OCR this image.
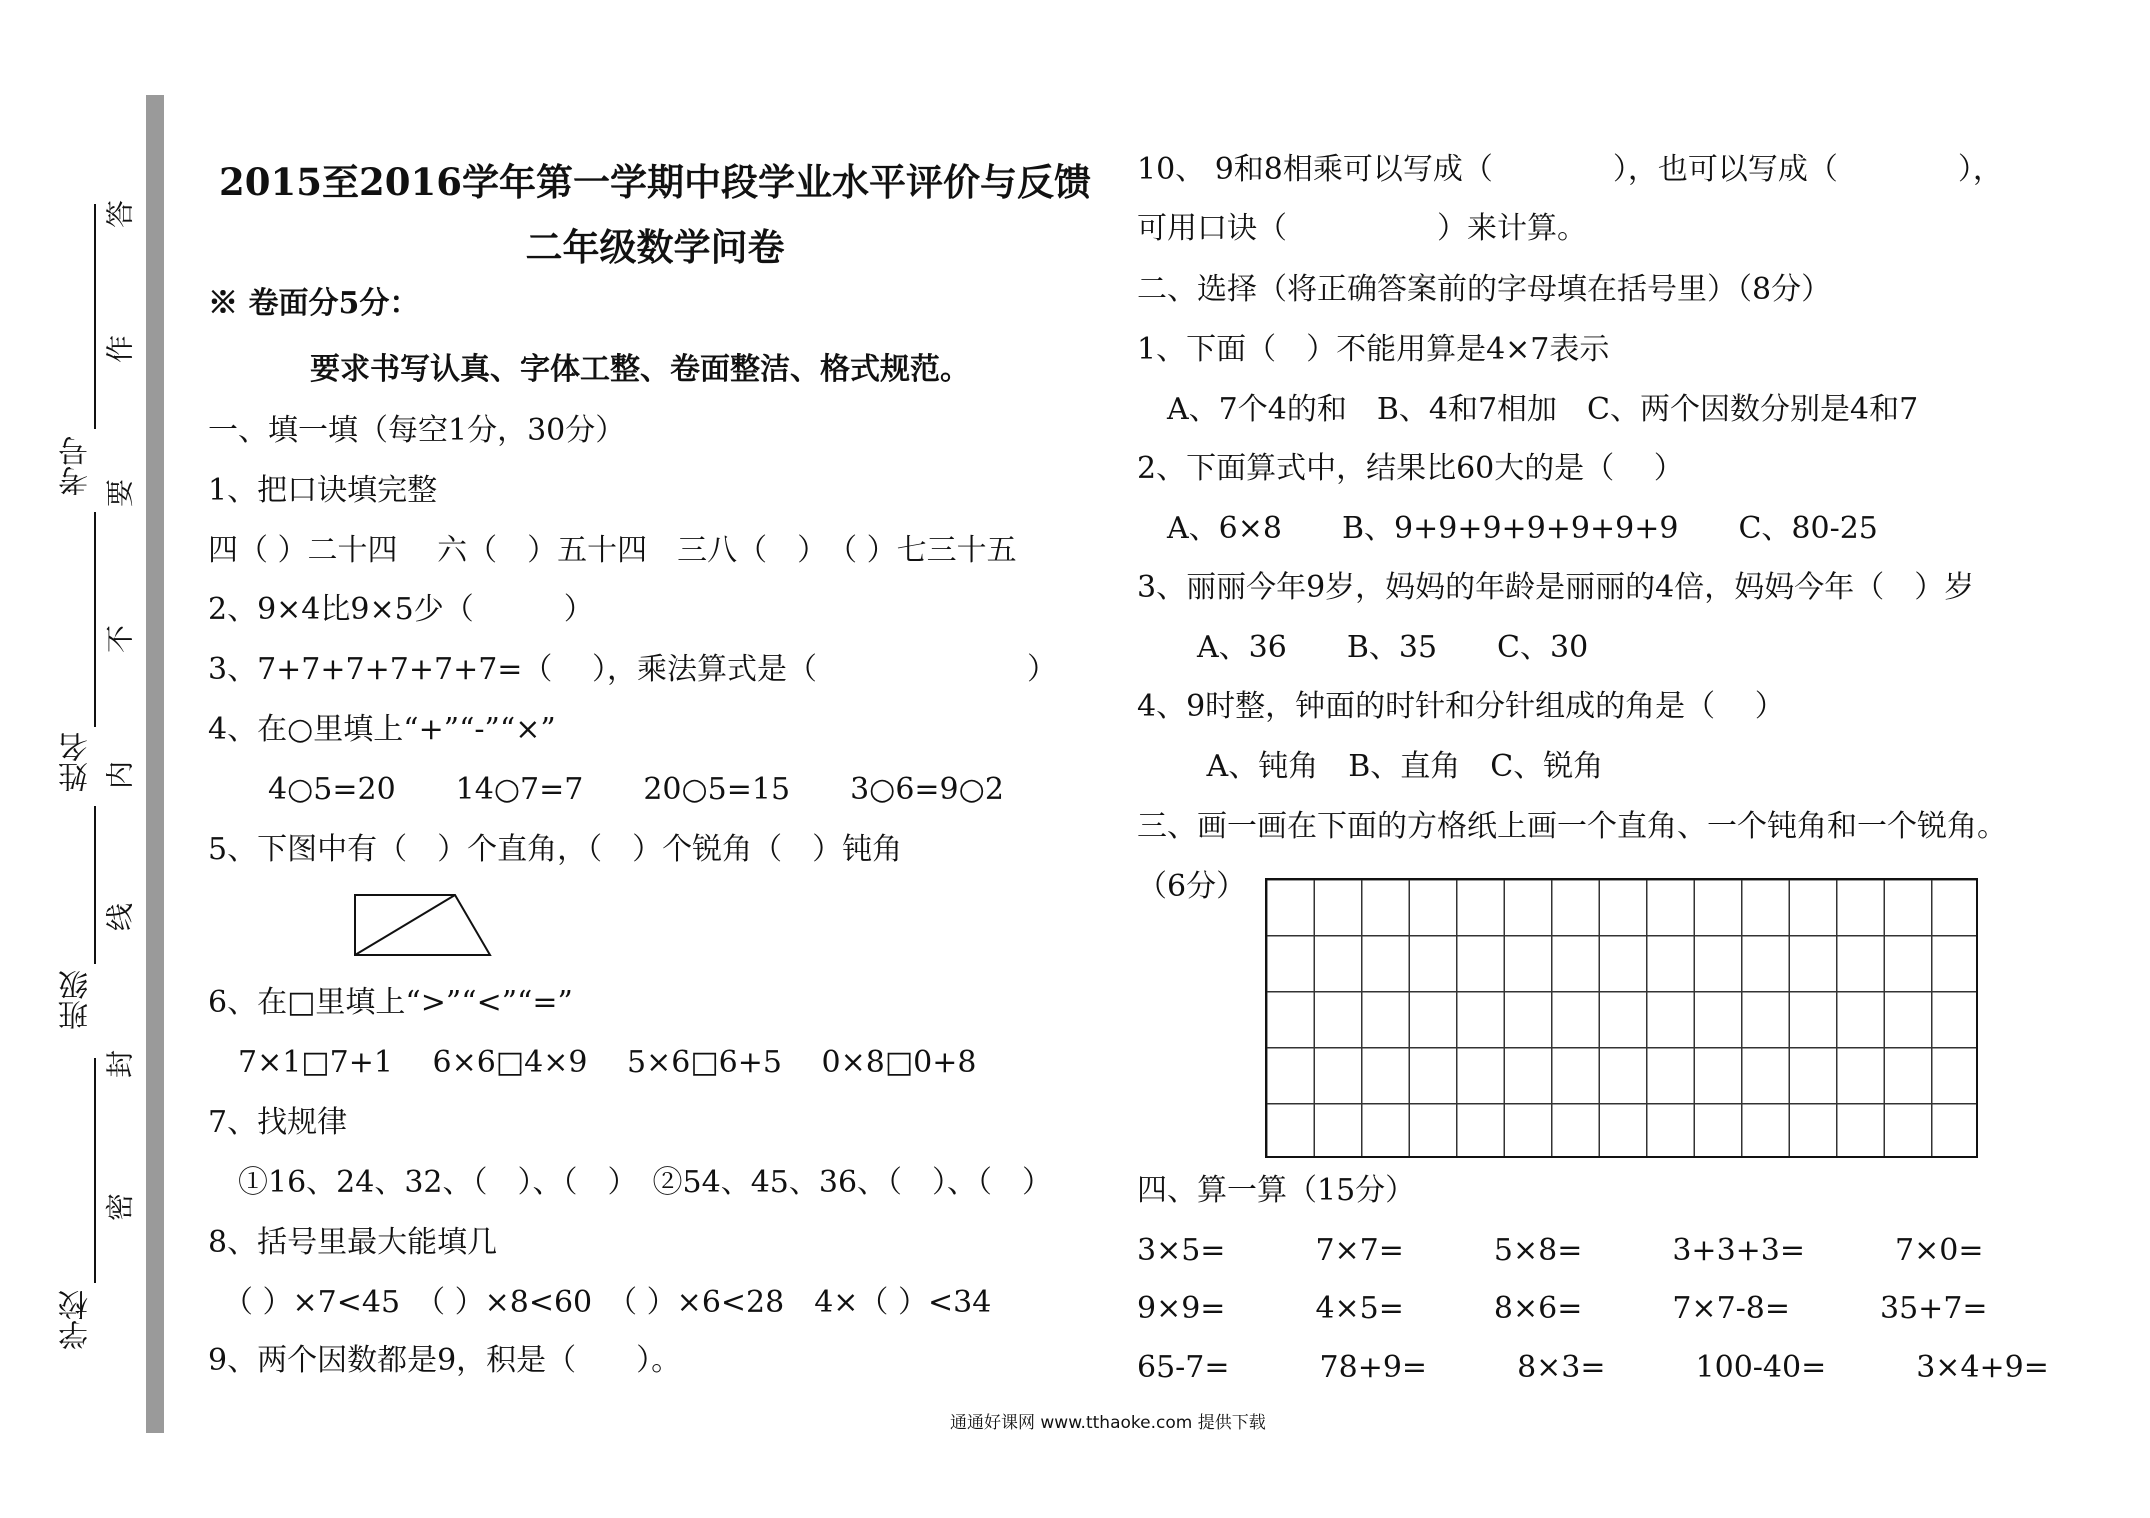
考号
姓名
班级
学校
答
作
要
不
内
线
封
密
2015至2016学年第一学期中段学业水平评价与反馈
二年级数学问卷
※ 卷面分5分：
要求书写认真、字体工整、卷面整洁、格式规范。
一、填一填（每空1分，30分）
1、把口诀填完整
四（ ）二十四　 六（　）五十四　三八（　）　（ ）七三十五
2、9×4比9×5少（　　　）
3、7+7+7+7+7+7=（　 ），乘法算式是（　　　　　　　）
4、在○里填上“+”“-”“×”
　　4○5=20　　14○7=7　　20○5=15　　3○6=9○2
5、下图中有（　）个直角，（　）个锐角（　）钝角
6、在□里填上“>”“<”“=”
　7×1□7+1　 6×6□4×9　 5×6□6+5　 0×8□0+8
7、找规律
　①16、24、32、（　）、（　）　②54、45、36、（　）、（　）
8、括号里最大能填几
　（ ）×7<45　（ ）×8<60　（ ）×6<28　4×（ ）<34
9、两个因数都是9，积是（　　）。
10、 9和8相乘可以写成（　　　　），也可以写成（　　　　），
可用口诀（　　　　　）来计算。
二、选择（将正确答案前的字母填在括号里）（8分）
1、下面（　）不能用算是4×7表示
　A、7个4的和　B、4和7相加　C、两个因数分别是4和7
2、下面算式中，结果比60大的是（　 ）
　A、6×8　　B、9+9+9+9+9+9+9　　C、80-25
3、丽丽今年9岁，妈妈的年龄是丽丽的4倍，妈妈今年（　）岁
　　A、36　　B、35　　C、30
4、9时整，钟面的时针和分针组成的角是（　 ）
　　 A、钝角　B、直角　C、锐角
三、画一画在下面的方格纸上画一个直角、一个钝角和一个锐角。
（6分）
四、算一算（15分）
3×5=　　　7×7=　　　5×8=　　　3+3+3=　　　7×0=
9×9=　　　4×5=　　　8×6=　　　7×7-8=　　　35+7=
65-7=　　　78+9=　　　8×3=　　　100-40=　　　3×4+9=
通通好课网 www.tthaoke.com 提供下载
